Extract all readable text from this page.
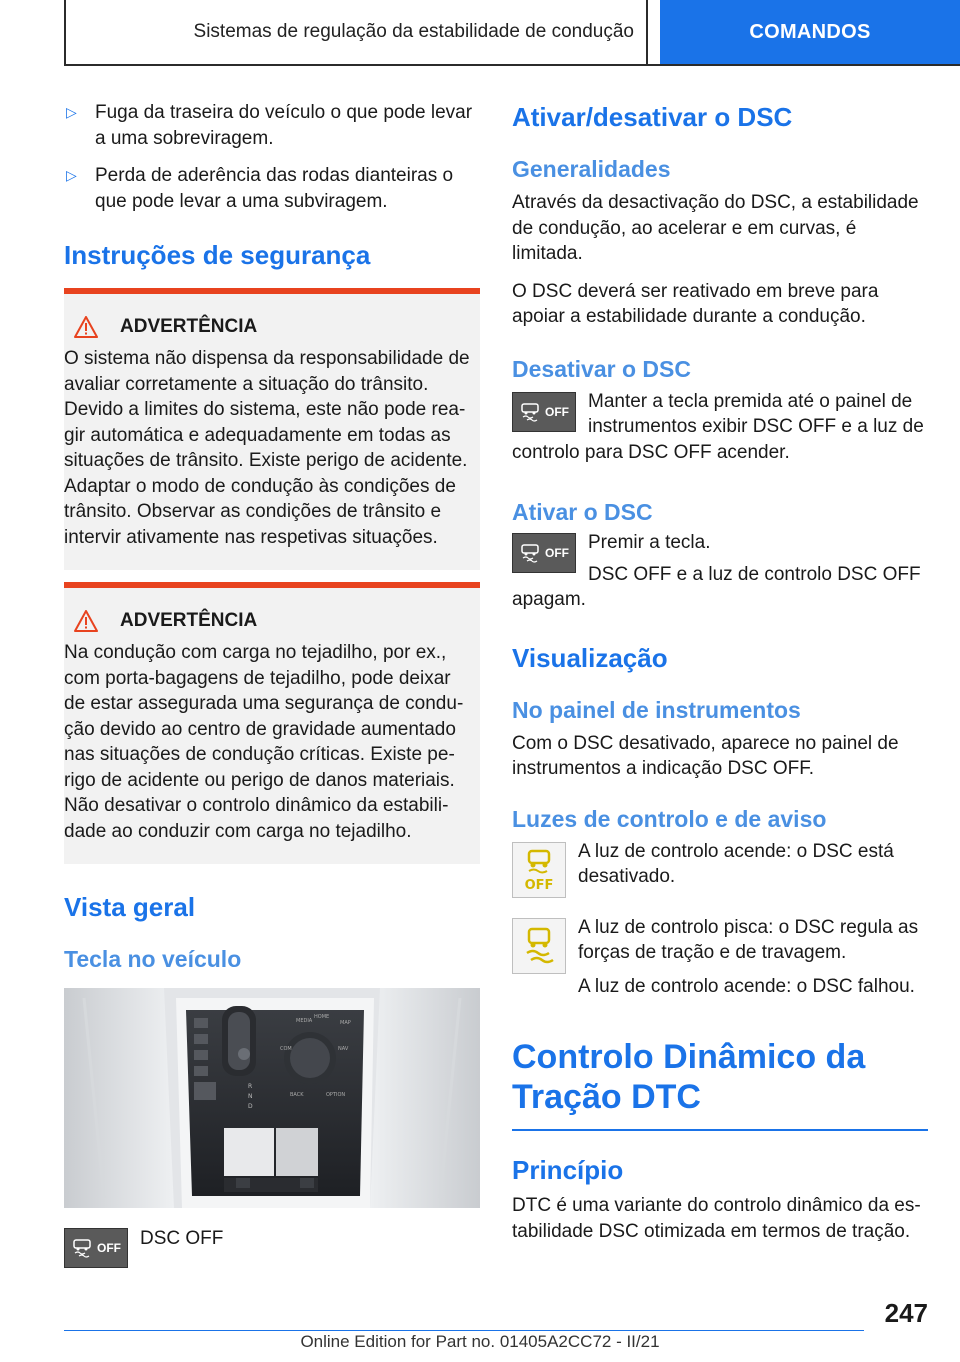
Sistemas de regulação da estabilidade de condução	COMANDOS
▷ Fuga da traseira do veículo o que pode levar a uma sobreviragem.

▷ Perda de aderência das rodas dianteiras o que pode levar a uma subviragem.

Instruções de segurança
ADVERTÊNCIA

O sistema não dispensa da responsabilidade de avaliar corretamente a situação do trânsito. Devido a limites do sistema, este não pode reagir automática e adequadamente em todas as situações de trânsito. Existe perigo de acidente. Adaptar o modo de condução às condições de trânsito. Observar as condições de trânsito e intervir ativamente nas respetivas situações.

ADVERTÊNCIA

Na condução com carga no tejadilho, por ex., com porta-bagagens de tejadilho, pode deixar de estar assegurada uma segurança de condução devido ao centro de gravidade aumentado nas situações de condução críticas. Existe perigo de acidente ou perigo de danos materiais. Não desativar o controlo dinâmico da estabilidade ao conduzir com carga no tejadilho.

Vista geral
Tecla no veículo
MEDIA
HOME
MAP
COM	NAV
BACK	OPTION
R
N
D
OFF DSC OFF

Ativar/desativar o DSC
Generalidades

Através da desactivação do DSC, a estabilidade de condução, ao acelerar e em curvas, é limitada.

O DSC deverá ser reativado em breve para apoiar a estabilidade durante a condução.

Desativar o DSC
OFF Manter a tecla premida até o painel de instrumentos exibir DSC OFF e a luz de

controlo para DSC OFF acender.

Ativar o DSC
OFF Premir a tecla.

DSC OFF e a luz de controlo DSC OFF

apagam.

Visualização
No painel de instrumentos

Com o DSC desativado, aparece no painel de instrumentos a indicação DSC OFF.

Luzes de controlo e de aviso
OFF

A luz de controlo acende: o DSC está desativado.

A luz de controlo pisca: o DSC regula as forças de tração e de travagem.

A luz de controlo acende: o DSC falhou.

Controlo Dinâmico da Tração DTC
Princípio

DTC é uma variante do controlo dinâmico da estabilidade DSC otimizada em termos de tração.

247
Online Edition for Part no. 01405A2CC72 - II/21
